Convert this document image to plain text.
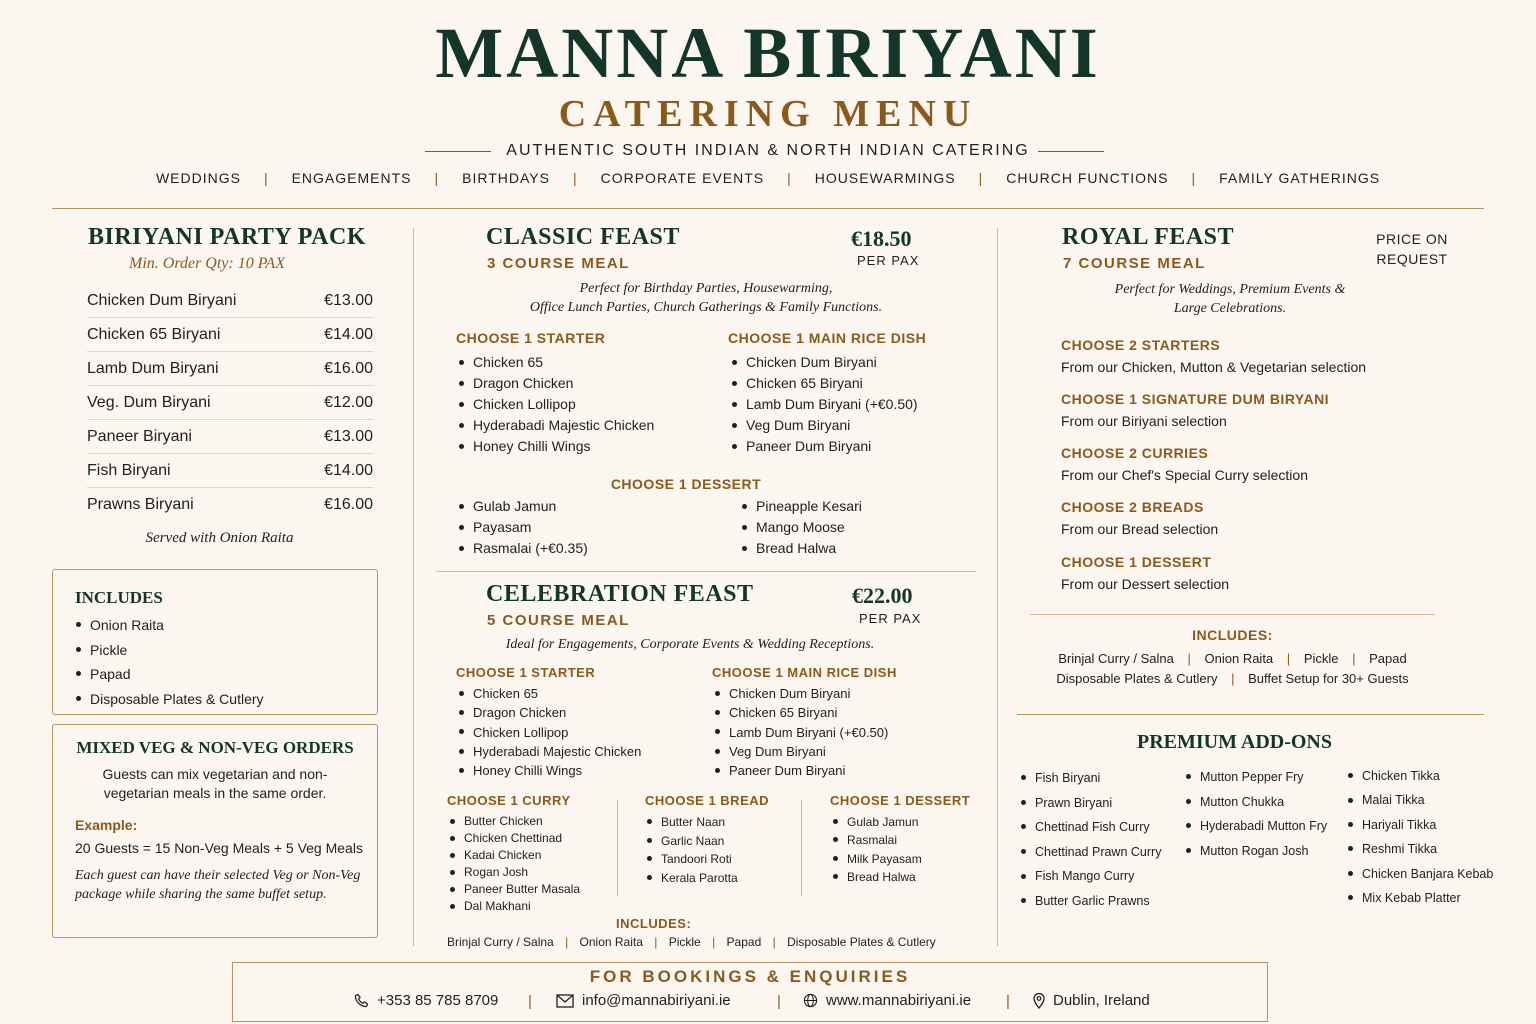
MANNA BIRIYANI
CATERING MENU
AUTHENTIC SOUTH INDIAN & NORTH INDIAN CATERING
WEDDINGS	|	ENGAGEMENTS	|	BIRTHDAYS	|	CORPORATE EVENTS	|	HOUSEWARMINGS	|	CHURCH FUNCTIONS	|	FAMILY GATHERINGS
BIRIYANI PARTY PACK
Min. Order Qty: 10 PAX
Chicken Dum Biryani	€13.00
Chicken 65 Biryani	€14.00
Lamb Dum Biryani	€16.00
Veg. Dum Biryani	€12.00
Paneer Biryani	€13.00
Fish Biryani	€14.00
Prawns Biryani	€16.00
Served with Onion Raita
INCLUDES
Onion Raita
Pickle
Papad
Disposable Plates & Cutlery
MIXED VEG & NON-VEG ORDERS
Guests can mix vegetarian and non-vegetarian meals in the same order.
Example:
20 Guests = 15 Non-Veg Meals + 5 Veg Meals
Each guest can have their selected Veg or Non-Veg package while sharing the same buffet setup.
CLASSIC FEAST
3 COURSE MEAL
€18.50
PER PAX
Perfect for Birthday Parties, Housewarming,
Office Lunch Parties, Church Gatherings & Family Functions.
CHOOSE 1 STARTER
Chicken 65
Dragon Chicken
Chicken Lollipop
Hyderabadi Majestic Chicken
Honey Chilli Wings
CHOOSE 1 MAIN RICE DISH
Chicken Dum Biryani
Chicken 65 Biryani
Lamb Dum Biryani (+€0.50)
Veg Dum Biryani
Paneer Dum Biryani
CHOOSE 1 DESSERT
Gulab Jamun
Payasam
Rasmalai (+€0.35)
Pineapple Kesari
Mango Moose
Bread Halwa
CELEBRATION FEAST
5 COURSE MEAL
€22.00
PER PAX
Ideal for Engagements, Corporate Events & Wedding Receptions.
CHOOSE 1 STARTER
Chicken 65
Dragon Chicken
Chicken Lollipop
Hyderabadi Majestic Chicken
Honey Chilli Wings
CHOOSE 1 MAIN RICE DISH
Chicken Dum Biryani
Chicken 65 Biryani
Lamb Dum Biryani (+€0.50)
Veg Dum Biryani
Paneer Dum Biryani
CHOOSE 1 CURRY
Butter Chicken
Chicken Chettinad
Kadai Chicken
Rogan Josh
Paneer Butter Masala
Dal Makhani
CHOOSE 1 BREAD
Butter Naan
Garlic Naan
Tandoori Roti
Kerala Parotta
CHOOSE 1 DESSERT
Gulab Jamun
Rasmalai
Milk Payasam
Bread Halwa
INCLUDES:
Brinjal Curry / Salna | Onion Raita | Pickle | Papad | Disposable Plates & Cutlery
ROYAL FEAST
7 COURSE MEAL
PRICE ON
REQUEST
Perfect for Weddings, Premium Events &
Large Celebrations.
CHOOSE 2 STARTERS
From our Chicken, Mutton & Vegetarian selection
CHOOSE 1 SIGNATURE DUM BIRYANI
From our Biriyani selection
CHOOSE 2 CURRIES
From our Chef's Special Curry selection
CHOOSE 2 BREADS
From our Bread selection
CHOOSE 1 DESSERT
From our Dessert selection
INCLUDES:
Brinjal Curry / Salna | Onion Raita | Pickle | Papad
Disposable Plates & Cutlery | Buffet Setup for 30+ Guests
PREMIUM ADD-ONS
Fish Biryani
Prawn Biryani
Chettinad Fish Curry
Chettinad Prawn Curry
Fish Mango Curry
Butter Garlic Prawns
Mutton Pepper Fry
Mutton Chukka
Hyderabadi Mutton Fry
Mutton Rogan Josh
Chicken Tikka
Malai Tikka
Hariyali Tikka
Reshmi Tikka
Chicken Banjara Kebab
Mix Kebab Platter
FOR BOOKINGS & ENQUIRIES
+353 85 785 8709 |	info@mannabiriyani.ie	|	www.mannabiriyani.ie |	Dublin, Ireland
